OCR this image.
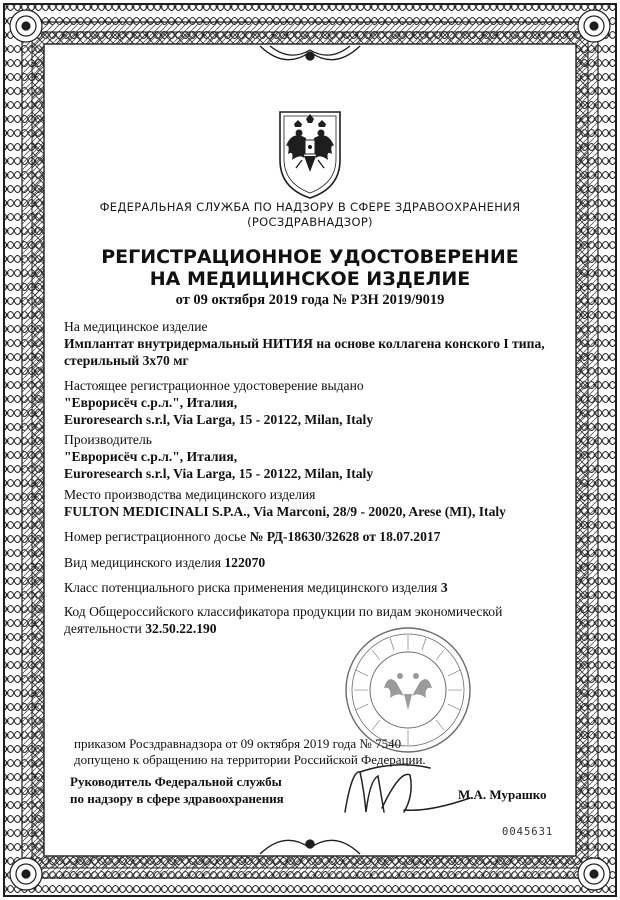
ФЕДЕРАЛЬНАЯ СЛУЖБА ПО НАДЗОРУ В СФЕРЕ ЗДРАВООХРАНЕНИЯ
(РОСЗДРАВНАДЗОР)
РЕГИСТРАЦИОННОЕ УДОСТОВЕРЕНИЕ
НА МЕДИЦИНСКОЕ ИЗДЕЛИЕ
от 09 октября 2019 года № РЗН 2019/9019
На медицинское изделие
Имплантат внутридермальный НИТИЯ на основе коллагена конского I типа,
стерильный 3x70 мг
Настоящее регистрационное удостоверение выдано
"Еврорисёч с.р.л.", Италия,
Euroresearch s.r.l, Via Larga, 15 - 20122, Milan, Italy
Производитель
"Еврорисёч с.р.л.", Италия,
Euroresearch s.r.l, Via Larga, 15 - 20122, Milan, Italy
Место производства медицинского изделия
FULTON MEDICINALI S.P.A., Via Marconi, 28/9 - 20020, Arese (MI), Italy
Номер регистрационного досье № РД-18630/32628 от 18.07.2017
Вид медицинского изделия 122070
Класс потенциального риска применения медицинского изделия 3
Код Общероссийского классификатора продукции по видам экономической
деятельности 32.50.22.190
приказом Росздравнадзора от 09 октября 2019 года № 7540
допущено к обращению на территории Российской Федерации.
Руководитель Федеральной службы
по надзору в сфере здравоохранения	М.А. Мурашко
0045631
